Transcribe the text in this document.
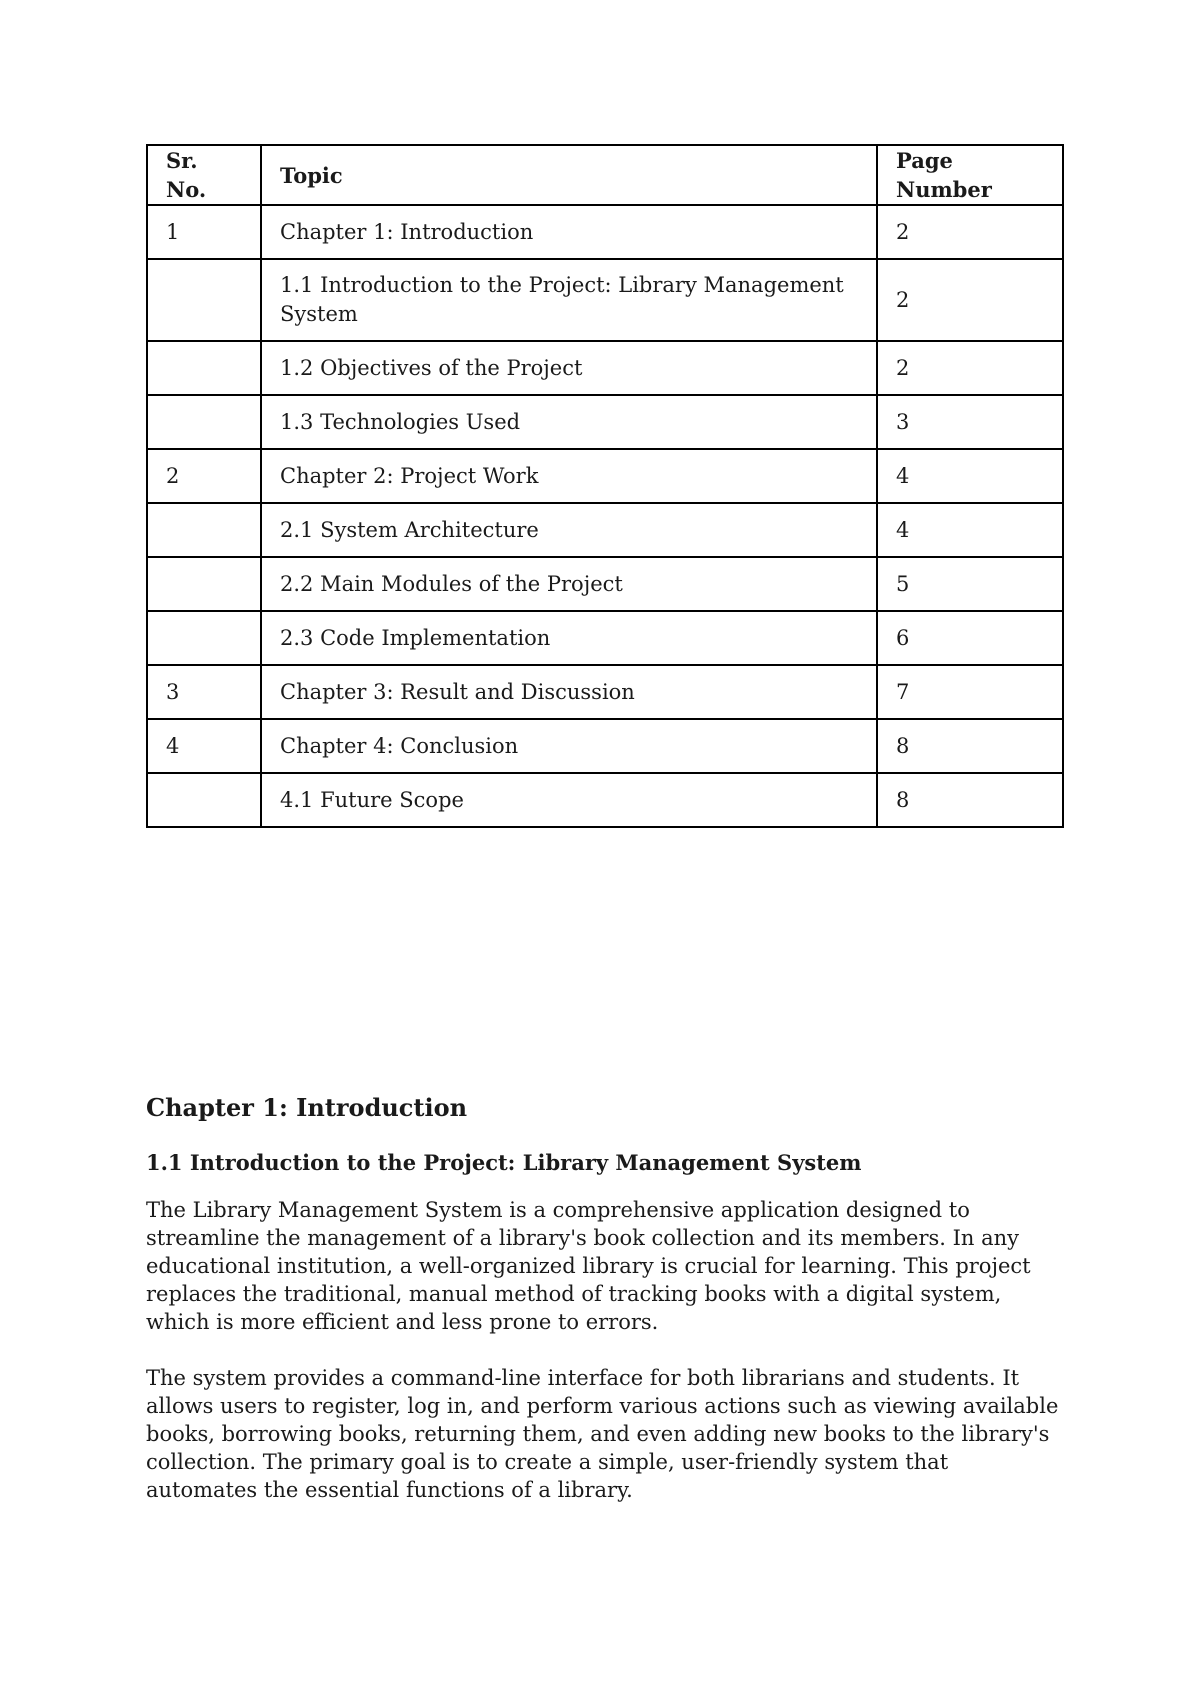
Sr. No.	Topic	Page Number
1	Chapter 1: Introduction	2
	1.1 Introduction to the Project: Library Management System	2
	1.2 Objectives of the Project	2
	1.3 Technologies Used	3
2	Chapter 2: Project Work	4
	2.1 System Architecture	4
	2.2 Main Modules of the Project	5
	2.3 Code Implementation	6
3	Chapter 3: Result and Discussion	7
4	Chapter 4: Conclusion	8
	4.1 Future Scope	8
Chapter 1: Introduction
1.1 Introduction to the Project: Library Management System

The Library Management System is a comprehensive application designed to streamline the management of a library's book collection and its members. In any educational institution, a well-organized library is crucial for learning. This project replaces the traditional, manual method of tracking books with a digital system, which is more efficient and less prone to errors.

The system provides a command-line interface for both librarians and students. It allows users to register, log in, and perform various actions such as viewing available books, borrowing books, returning them, and even adding new books to the library's collection. The primary goal is to create a simple, user-friendly system that automates the essential functions of a library.
